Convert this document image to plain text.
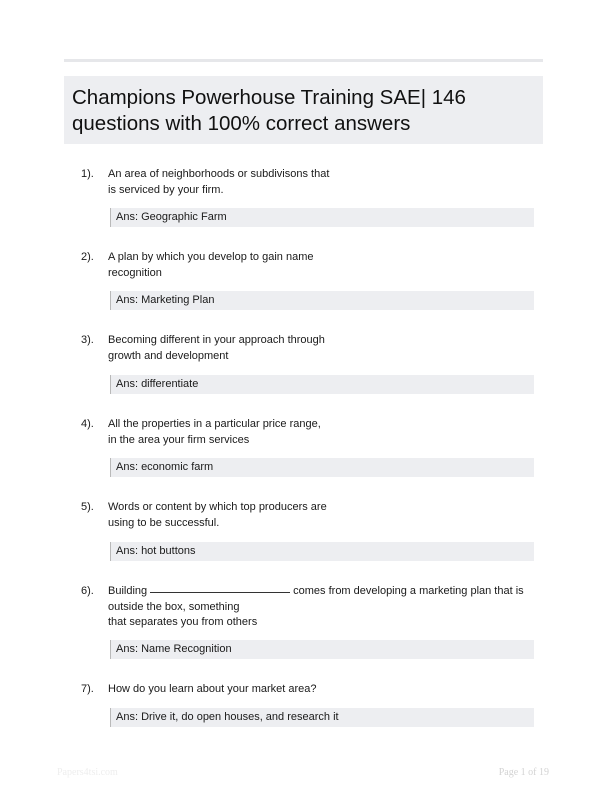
Champions Powerhouse Training SAE| 146 questions with 100% correct answers
1). An area of neighborhoods or subdivisons that
is serviced by your firm.
Ans: Geographic Farm
2). A plan by which you develop to gain name
recognition
Ans: Marketing Plan
3). Becoming different in your approach through
growth and development
Ans: differentiate
4). All the properties in a particular price range,
in the area your firm services
Ans: economic farm
5). Words or content by which top producers are
using to be successful.
Ans: hot buttons
6). Building	comes from developing a marketing plan that is
outside the box, something
that separates you from others
Ans: Name Recognition
7). How do you learn about your market area?
Ans: Drive it, do open houses, and research it
Papers4tsi.com	Page 1 of 19
